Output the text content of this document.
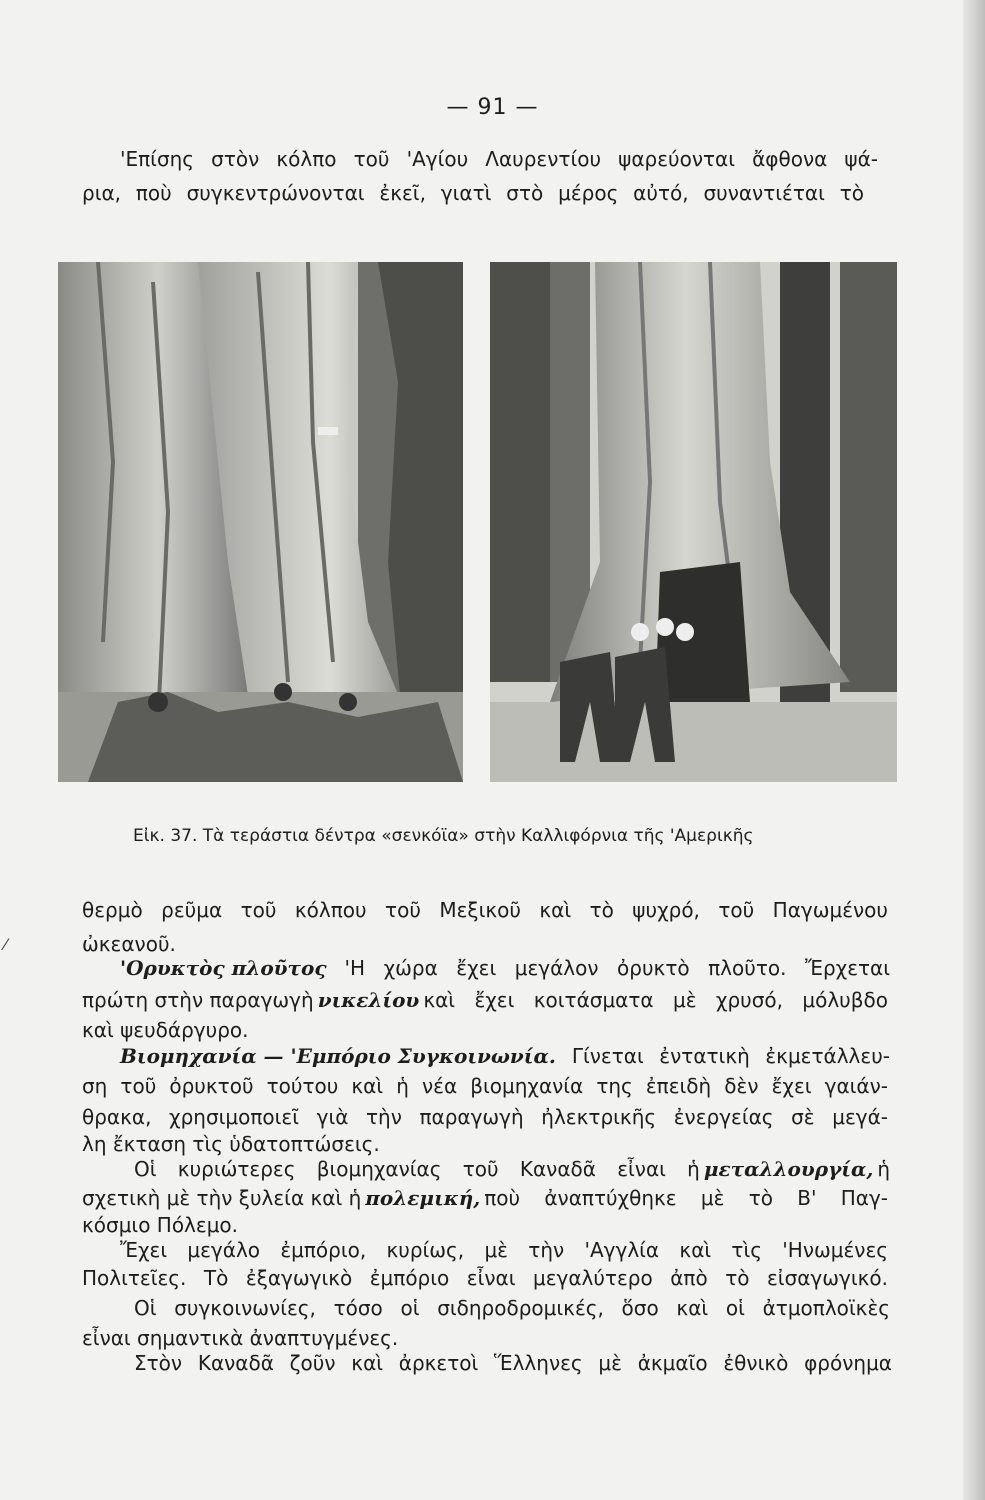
— 91 —
'Επίσης στὸν κόλπο τοῦ 'Αγίου Λαυρεντίου ψαρεύονται ἄφθονα ψά-
ρια, ποὺ συγκεντρώνονται ἐκεῖ, γιατὶ στὸ μέρος αὐτό, συναντιέται τὸ
Εἰκ. 37. Τὰ τεράστια δέντρα «σενκόϊα» στὴν Καλλιφόρνια τῆς 'Αμερικῆς
θερμὸ ρεῦμα τοῦ κόλπου τοῦ Μεξικοῦ καὶ τὸ ψυχρό, τοῦ Παγωμένου
ὠκεανοῦ.
'Ορυκτὸς πλοῦτος 'Η χώρα ἔχει μεγάλον ὀρυκτὸ πλοῦτο. Ἔρχεται
πρώτη στὴν παραγωγὴ νικελίου καὶ ἔχει κοιτάσματα μὲ χρυσό, μόλυβδο
καὶ ψευδάργυρο.
Βιομηχανία — 'Εμπόριο Συγκοινωνία. Γίνεται ἐντατικὴ ἐκμετάλλευ-
ση τοῦ ὀρυκτοῦ τούτου καὶ ἡ νέα βιομηχανία της ἐπειδὴ δὲν ἔχει γαιάν-
θρακα, χρησιμοποιεῖ γιὰ τὴν παραγωγὴ ἠλεκτρικῆς ἐνεργείας σὲ μεγά-
λη ἔκταση τὶς ὑδατοπτώσεις.
Οἱ κυριώτερες βιομηχανίας τοῦ Καναδᾶ εἶναι ἡ μεταλλουργία, ἡ
σχετικὴ μὲ τὴν ξυλεία καὶ ἡ πολεμική, ποὺ ἀναπτύχθηκε μὲ τὸ Β' Παγ-
κόσμιο Πόλεμο.
Ἔχει μεγάλο ἐμπόριο, κυρίως, μὲ τὴν 'Αγγλία καὶ τὶς 'Ηνωμένες
Πολιτεῖες. Τὸ ἐξαγωγικὸ ἐμπόριο εἶναι μεγαλύτερο ἀπὸ τὸ εἰσαγωγικό.
Οἱ συγκοινωνίες, τόσο οἱ σιδηροδρομικές, ὅσο καὶ οἱ ἀτμοπλοϊκὲς
εἶναι σημαντικὰ ἀναπτυγμένες.
Στὸν Καναδᾶ ζοῦν καὶ ἀρκετοὶ Ἕλληνες μὲ ἀκμαῖο ἐθνικὸ φρόνημα
⁄
